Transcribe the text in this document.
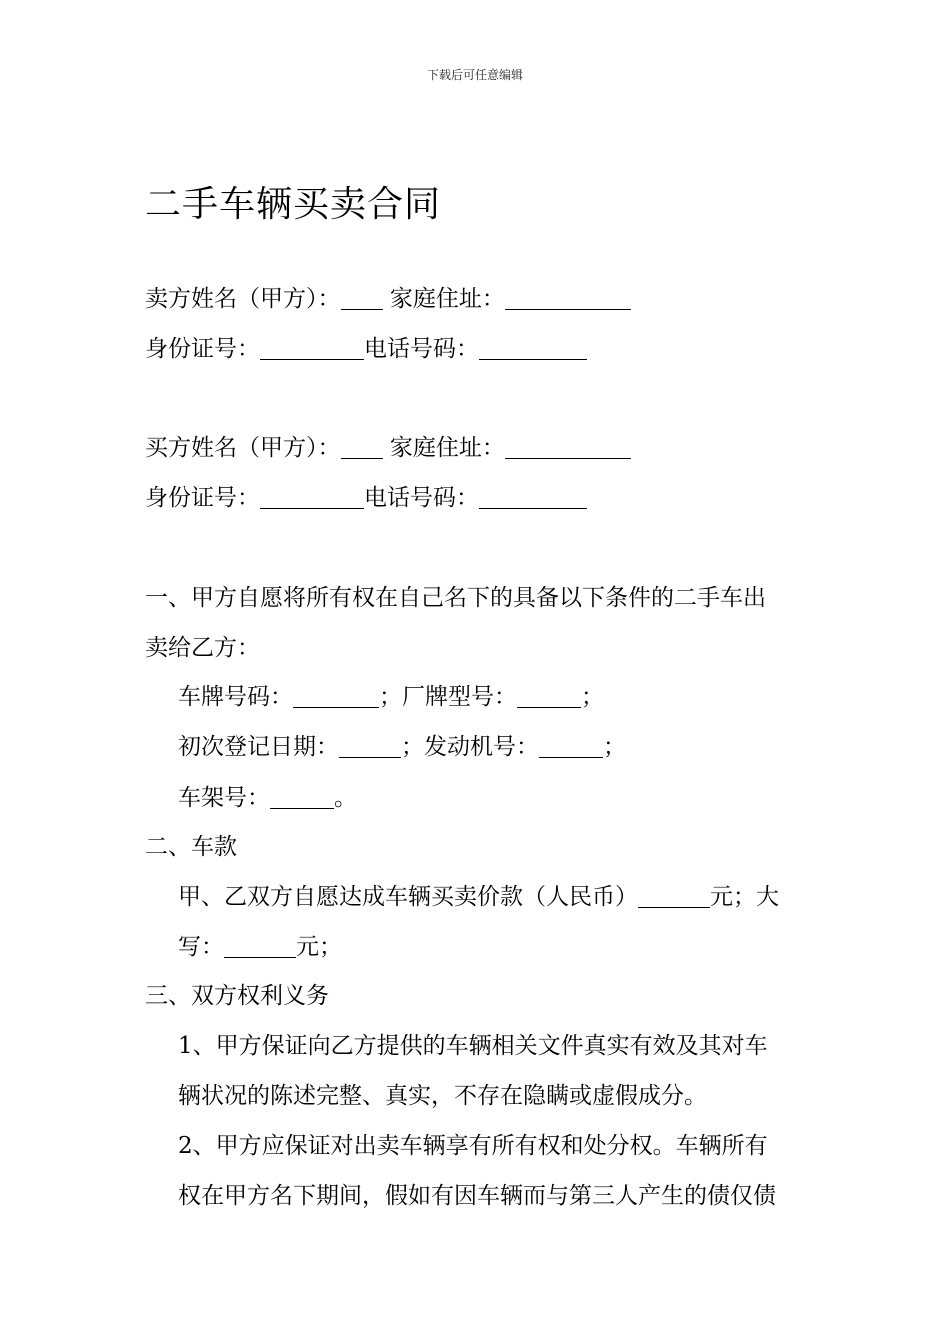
下载后可任意编辑
二手车辆买卖合同
卖方姓名（甲方）： 家庭住址：
身份证号：	电话号码：
买方姓名（甲方）： 家庭住址：
身份证号：	电话号码：
一、甲方自愿将所有权在自己名下的具备以下条件的二手车出
卖给乙方：
车牌号码：	；厂牌型号：	；
初次登记日期：	；发动机号：	；
车架号：	。
二、车款
甲、乙双方自愿达成车辆买卖价款（人民币）	元；大
写：	元；
三、双方权利义务
1、甲方保证向乙方提供的车辆相关文件真实有效及其对车
辆状况的陈述完整、真实，不存在隐瞒或虚假成分。
2、甲方应保证对出卖车辆享有所有权和处分权。车辆所有
权在甲方名下期间，假如有因车辆而与第三人产生的债仅债
